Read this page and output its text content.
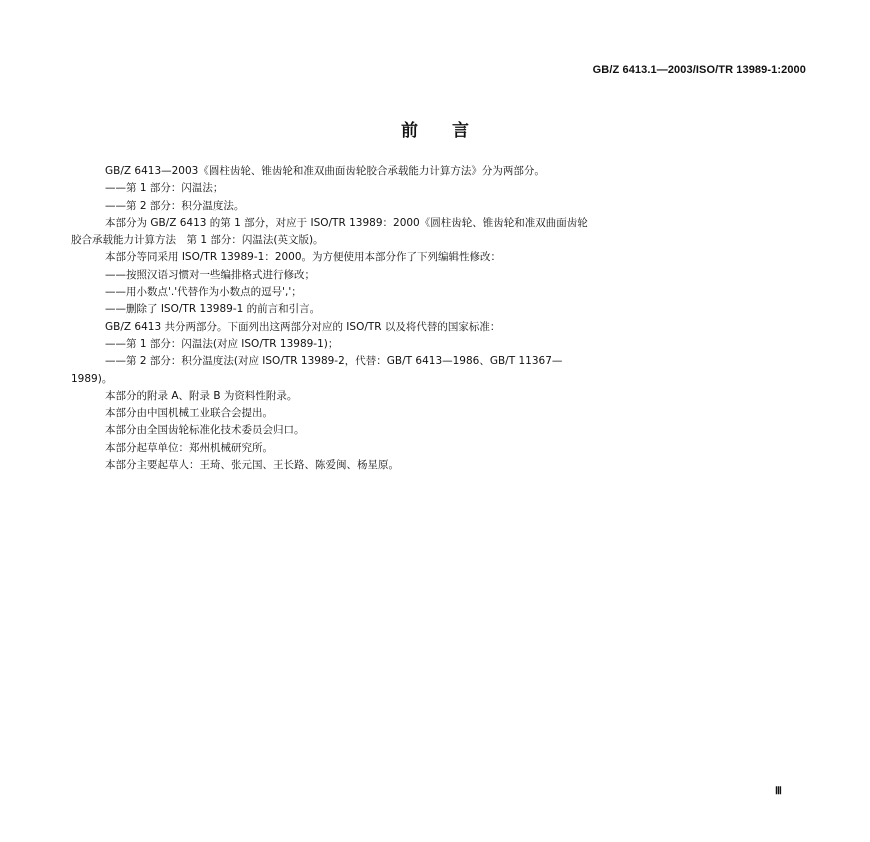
GB/Z 6413.1—2003/ISO/TR 13989-1:2000
前　　言

GB/Z 6413—2003《圆柱齿轮、锥齿轮和准双曲面齿轮胶合承载能力计算方法》分为两部分。

——第 1 部分：闪温法；

——第 2 部分：积分温度法。

本部分为 GB/Z 6413 的第 1 部分，对应于 ISO/TR 13989：2000《圆柱齿轮、锥齿轮和准双曲面齿轮

胶合承载能力计算方法　第 1 部分：闪温法(英文版)。

本部分等同采用 ISO/TR 13989-1：2000。为方便使用本部分作了下列编辑性修改：

——按照汉语习惯对一些编排格式进行修改；

——用小数点'.'代替作为小数点的逗号','；

——删除了 ISO/TR 13989-1 的前言和引言。

GB/Z 6413 共分两部分。下面列出这两部分对应的 ISO/TR 以及将代替的国家标准：

——第 1 部分：闪温法(对应 ISO/TR 13989-1)；

——第 2 部分：积分温度法(对应 ISO/TR 13989-2，代替：GB/T 6413—1986、GB/T 11367—

1989)。

本部分的附录 A、附录 B 为资料性附录。

本部分由中国机械工业联合会提出。

本部分由全国齿轮标准化技术委员会归口。

本部分起草单位：郑州机械研究所。

本部分主要起草人：王琦、张元国、王长路、陈爱闽、杨星原。

Ⅲ
